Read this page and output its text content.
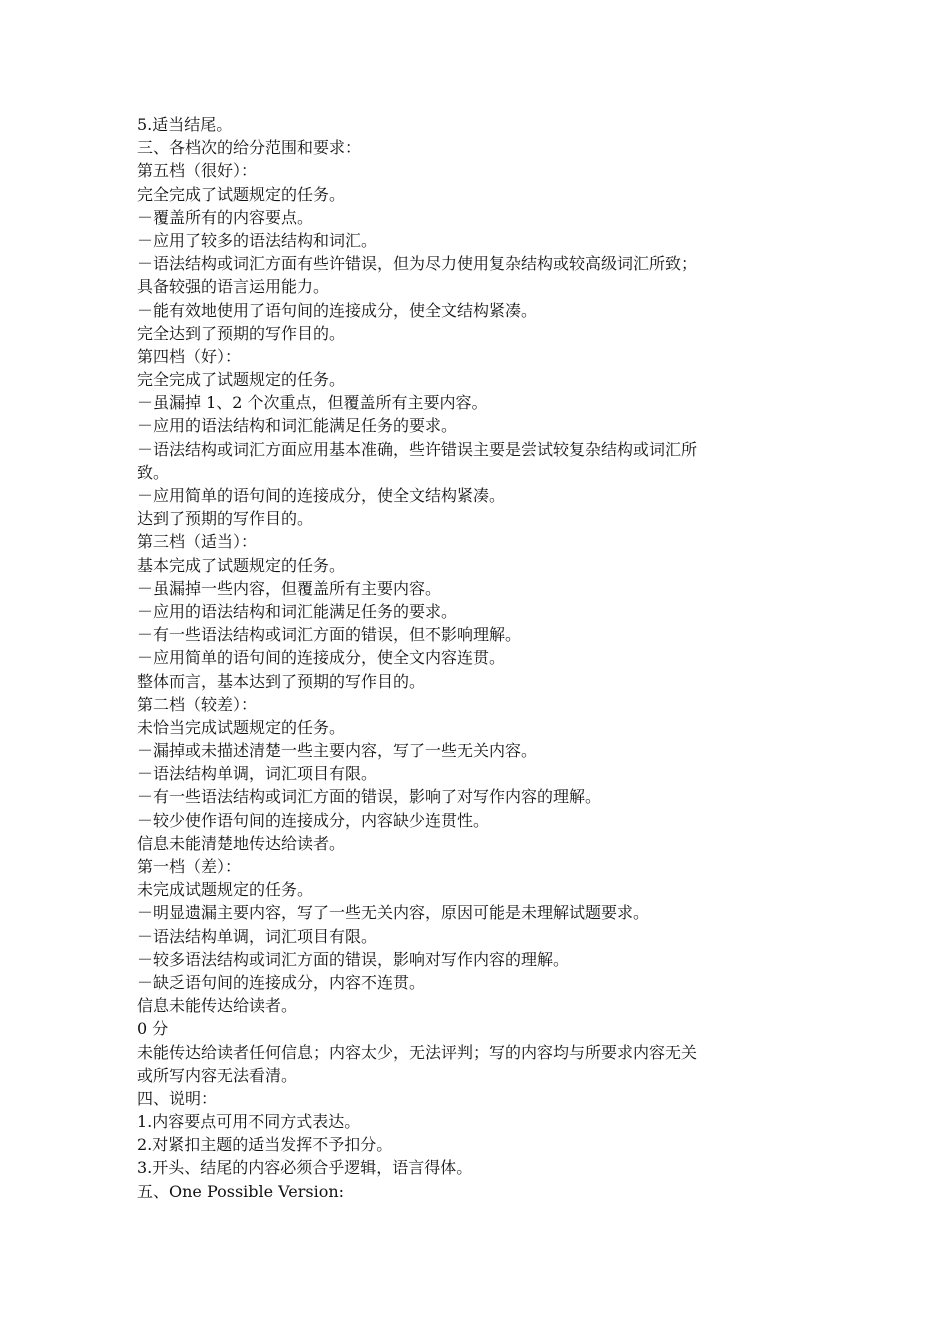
5.适当结尾。
三、各档次的给分范围和要求：
第五档（很好）：
完全完成了试题规定的任务。
－覆盖所有的内容要点。
－应用了较多的语法结构和词汇。
－语法结构或词汇方面有些许错误，但为尽力使用复杂结构或较高级词汇所致；
具备较强的语言运用能力。
－能有效地使用了语句间的连接成分，使全文结构紧凑。
完全达到了预期的写作目的。
第四档（好）：
完全完成了试题规定的任务。
－虽漏掉 1、2 个次重点，但覆盖所有主要内容。
－应用的语法结构和词汇能满足任务的要求。
－语法结构或词汇方面应用基本准确，些许错误主要是尝试较复杂结构或词汇所
致。
－应用简单的语句间的连接成分，使全文结构紧凑。
达到了预期的写作目的。
第三档（适当）：
基本完成了试题规定的任务。
－虽漏掉一些内容，但覆盖所有主要内容。
－应用的语法结构和词汇能满足任务的要求。
－有一些语法结构或词汇方面的错误，但不影响理解。
－应用简单的语句间的连接成分，使全文内容连贯。
整体而言，基本达到了预期的写作目的。
第二档（较差）：
未恰当完成试题规定的任务。
－漏掉或未描述清楚一些主要内容，写了一些无关内容。
－语法结构单调，词汇项目有限。
－有一些语法结构或词汇方面的错误，影响了对写作内容的理解。
－较少使作语句间的连接成分，内容缺少连贯性。
信息未能清楚地传达给读者。
第一档（差）：
未完成试题规定的任务。
－明显遗漏主要内容，写了一些无关内容，原因可能是未理解试题要求。
－语法结构单调，词汇项目有限。
－较多语法结构或词汇方面的错误，影响对写作内容的理解。
－缺乏语句间的连接成分，内容不连贯。
信息未能传达给读者。
0 分
未能传达给读者任何信息；内容太少，无法评判；写的内容均与所要求内容无关
或所写内容无法看清。
四、说明：
1.内容要点可用不同方式表达。
2.对紧扣主题的适当发挥不予扣分。
3.开头、结尾的内容必须合乎逻辑，语言得体。
五、One Possible Version:
